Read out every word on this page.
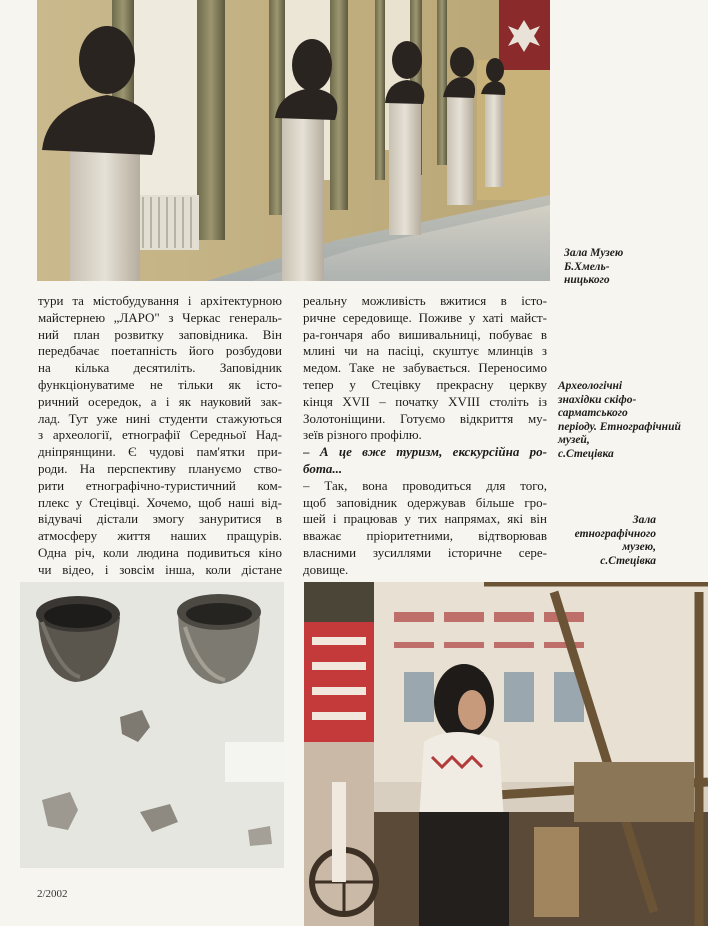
тури та містобудування і архітектурною
майстернею „ЛАРО" з Черкас генераль-
ний план розвитку заповідника. Він
передбачає поетапність його розбудови
на кілька десятиліть. Заповідник
функціонуватиме не тільки як істо-
ричний осередок, а і як науковий зак-
лад. Тут уже нині студенти стажуються
з археології, етнографії Середньої Над-
дніпрянщини. Є чудові пам'ятки при-
роди. На перспективу плануємо ство-
рити етнографічно-туристичний ком-
плекс у Стецівці. Хочемо, щоб наші від-
відувачі дістали змогу зануритися в
атмосферу життя наших пращурів.
Одна річ, коли людина подивиться кіно
чи відео, і зовсім інша, коли дістане
реальну можливість вжитися в істо-
ричне середовище. Поживе у хаті майст-
ра-гончаря або вишивальниці, побуває в
млині чи на пасіці, скуштує млинців з
медом. Таке не забувається. Переносимо
тепер у Стецівку прекрасну церкву
кінця XVII – початку XVIII століть із
Золотоніщини. Готуємо відкриття му-
зеїв різного профілю.
– А це вже туризм, екскурсійна ро-
бота...
– Так, вона проводиться для того,
щоб заповідник одержував більше гро-
шей і працював у тих напрямах, які він
вважає пріоритетними, відтворював
власними зусиллями історичне сере-
довище.
Зала Музею
Б.Хмель-
ницького
Археологічні
знахідки скіфо-
сарматського
періоду. Етнографічний
музей,
с.Стецівка
Зала
етнографічного
музею,
с.Стецівка
2/2002
